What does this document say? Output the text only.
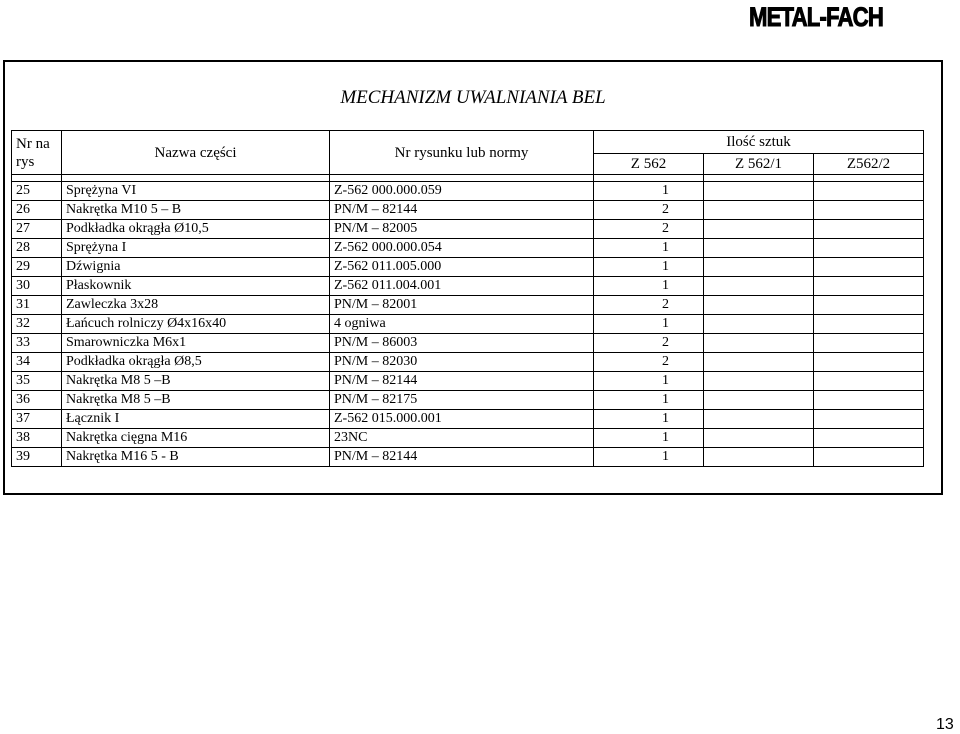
METAL-FACH
MECHANIZM UWALNIANIA BEL
Nr na rys	Nazwa części	Nr rysunku lub normy	Ilość sztuk		
			Z 562	Z 562/1	Z562/2

25	Sprężyna VI	Z-562 000.000.059	1		
26	Nakrętka M10 5 – B	PN/M – 82144	2		
27	Podkładka okrągła Ø10,5	PN/M – 82005	2		
28	Sprężyna I	Z-562 000.000.054	1		
29	Dźwignia	Z-562 011.005.000	1		
30	Płaskownik	Z-562 011.004.001	1		
31	Zawleczka 3x28	PN/M – 82001	2		
32	Łańcuch rolniczy Ø4x16x40	4 ogniwa	1		
33	Smarowniczka M6x1	PN/M – 86003	2		
34	Podkładka okrągła Ø8,5	PN/M – 82030	2		
35	Nakrętka M8 5 –B	PN/M – 82144	1		
36	Nakrętka M8 5 –B	PN/M – 82175	1		
37	Łącznik I	Z-562 015.000.001	1		
38	Nakrętka cięgna M16	23NC	1		
39	Nakrętka M16 5 - B	PN/M – 82144	1		
13
